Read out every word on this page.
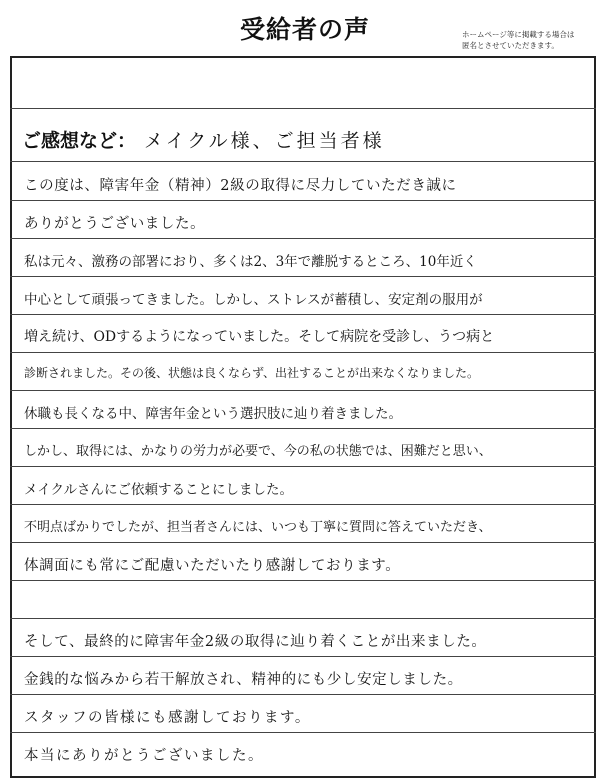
受給者の声	ホームページ等に掲載する場合は
匿名とさせていただきます。
ご感想など： メイクル様、ご担当者様
この度は、障害年金（精神）2級の取得に尽力していただき誠に
ありがとうございました。
私は元々、激務の部署におり、多くは2、3年で離脱するところ、10年近く
中心として頑張ってきました。しかし、ストレスが蓄積し、安定剤の服用が
増え続け、ODするようになっていました。そして病院を受診し、うつ病と
診断されました。その後、状態は良くならず、出社することが出来なくなりました。
休職も長くなる中、障害年金という選択肢に辿り着きました。
しかし、取得には、かなりの労力が必要で、今の私の状態では、困難だと思い、
メイクルさんにご依頼することにしました。
不明点ばかりでしたが、担当者さんには、いつも丁寧に質問に答えていただき、
体調面にも常にご配慮いただいたり感謝しております。
そして、最終的に障害年金2級の取得に辿り着くことが出来ました。
金銭的な悩みから若干解放され、精神的にも少し安定しました。
スタッフの皆様にも感謝しております。
本当にありがとうございました。
